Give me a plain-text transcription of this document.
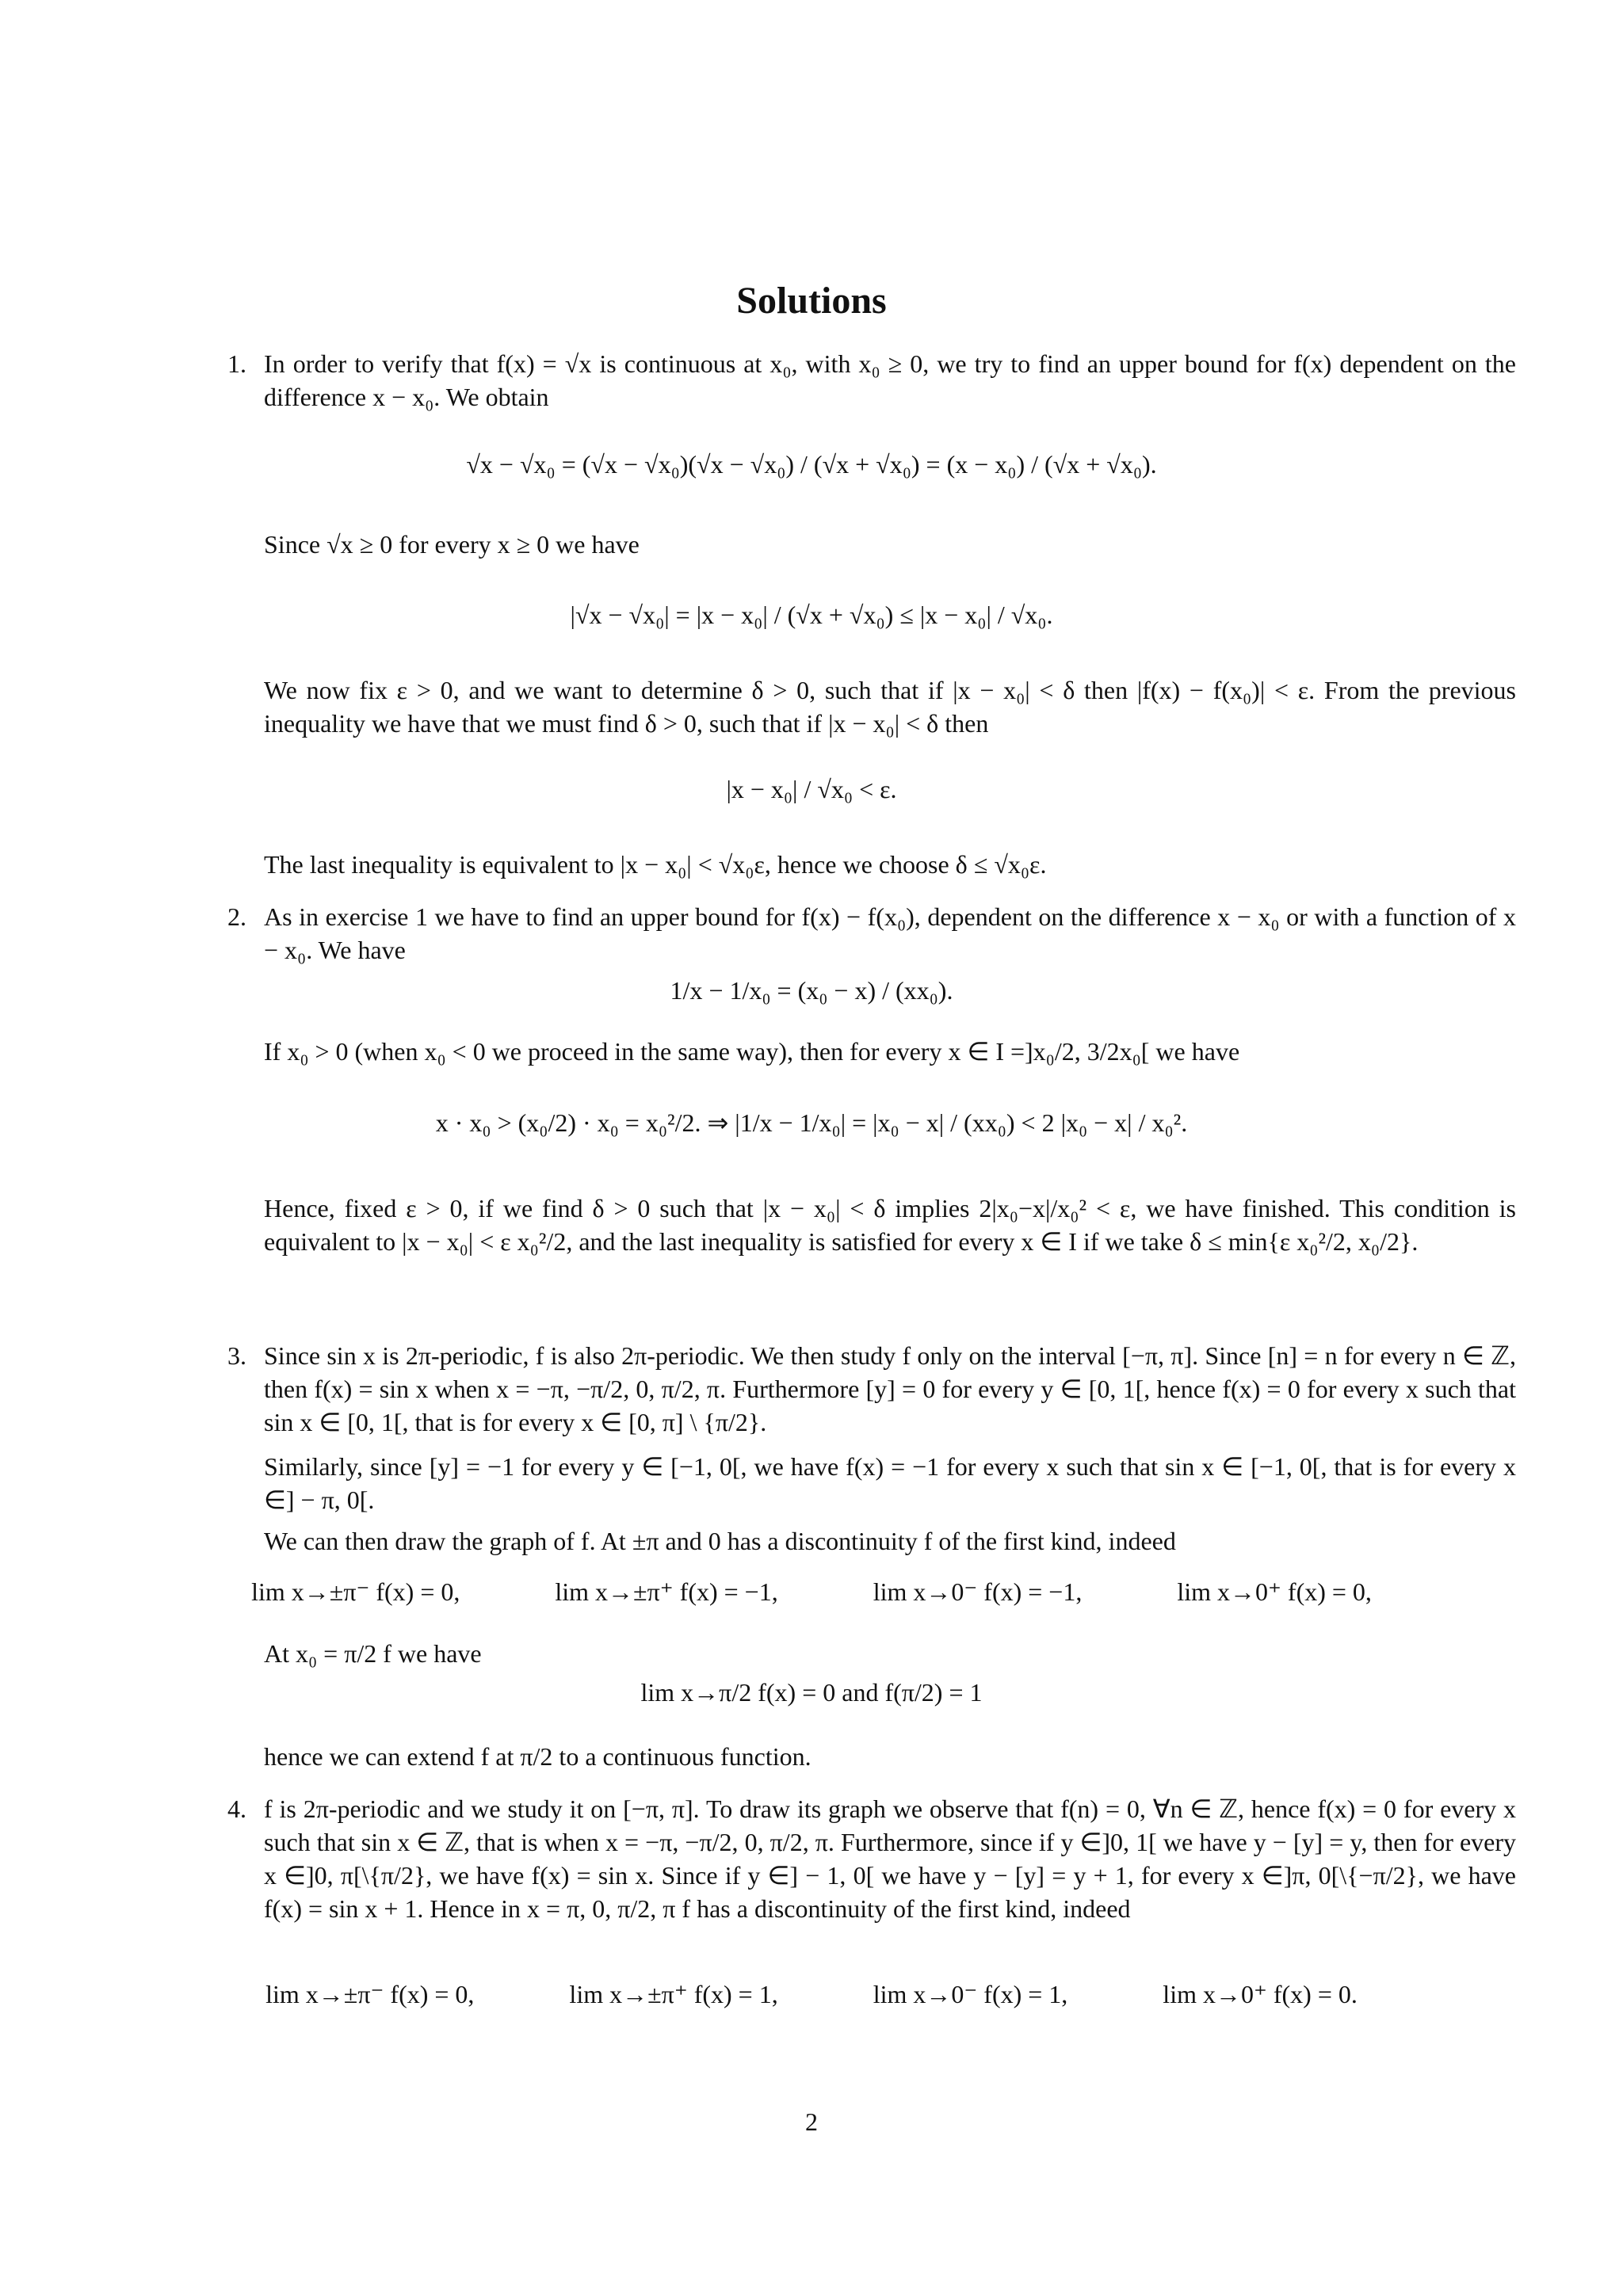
Solutions
1. In order to verify that f(x) = √x is continuous at x₀, with x₀ ≥ 0, we try to find an upper bound for f(x) dependent on the difference x − x₀. We obtain
√x − √x₀ = (√x − √x₀)(√x − √x₀) / (√x + √x₀) = (x − x₀) / (√x + √x₀).
Since √x ≥ 0 for every x ≥ 0 we have
|√x − √x₀| = |x − x₀| / (√x + √x₀) ≤ |x − x₀| / √x₀.
We now fix ε > 0, and we want to determine δ > 0, such that if |x − x₀| < δ then |f(x) − f(x₀)| < ε. From the previous inequality we have that we must find δ > 0, such that if |x − x₀| < δ then
|x − x₀| / √x₀ < ε.
The last inequality is equivalent to |x − x₀| < √x₀ε, hence we choose δ ≤ √x₀ε.
2. As in exercise 1 we have to find an upper bound for f(x) − f(x₀), dependent on the difference x − x₀ or with a function of x − x₀. We have
1/x − 1/x₀ = (x₀ − x) / (xx₀).
If x₀ > 0 (when x₀ < 0 we proceed in the same way), then for every x ∈ I =]x₀/2, 3/2x₀[ we have
x · x₀ > (x₀/2) · x₀ = x₀²/2. ⇒ |1/x − 1/x₀| = |x₀ − x| / (xx₀) < 2 |x₀ − x| / x₀².
Hence, fixed ε > 0, if we find δ > 0 such that |x − x₀| < δ implies 2|x₀−x|/x₀² < ε, we have finished. This condition is equivalent to |x − x₀| < ε x₀²/2, and the last inequality is satisfied for every x ∈ I if we take δ ≤ min{ε x₀²/2, x₀/2}.
3. Since sin x is 2π-periodic, f is also 2π-periodic. We then study f only on the interval [−π, π]. Since [n] = n for every n ∈ ℤ, then f(x) = sin x when x = −π, −π/2, 0, π/2, π. Furthermore [y] = 0 for every y ∈ [0, 1[, hence f(x) = 0 for every x such that sin x ∈ [0, 1[, that is for every x ∈ [0, π] \ {π/2}.
Similarly, since [y] = −1 for every y ∈ [−1, 0[, we have f(x) = −1 for every x such that sin x ∈ [−1, 0[, that is for every x ∈] − π, 0[.
We can then draw the graph of f. At ±π and 0 has a discontinuity f of the first kind, indeed
lim x→±π⁻ f(x) = 0,	lim x→±π⁺ f(x) = −1,	lim x→0⁻ f(x) = −1,	lim x→0⁺ f(x) = 0,
At x₀ = π/2 f we have
lim x→π/2 f(x) = 0 and f(π/2) = 1
hence we can extend f at π/2 to a continuous function.
4. f is 2π-periodic and we study it on [−π, π]. To draw its graph we observe that f(n) = 0, ∀n ∈ ℤ, hence f(x) = 0 for every x such that sin x ∈ ℤ, that is when x = −π, −π/2, 0, π/2, π. Furthermore, since if y ∈]0, 1[ we have y − [y] = y, then for every x ∈]0, π[\{π/2}, we have f(x) = sin x. Since if y ∈] − 1, 0[ we have y − [y] = y + 1, for every x ∈]π, 0[\{−π/2}, we have f(x) = sin x + 1. Hence in x = π, 0, π/2, π f has a discontinuity of the first kind, indeed
lim x→±π⁻ f(x) = 0,	lim x→±π⁺ f(x) = 1,	lim x→0⁻ f(x) = 1,	lim x→0⁺ f(x) = 0.
2
